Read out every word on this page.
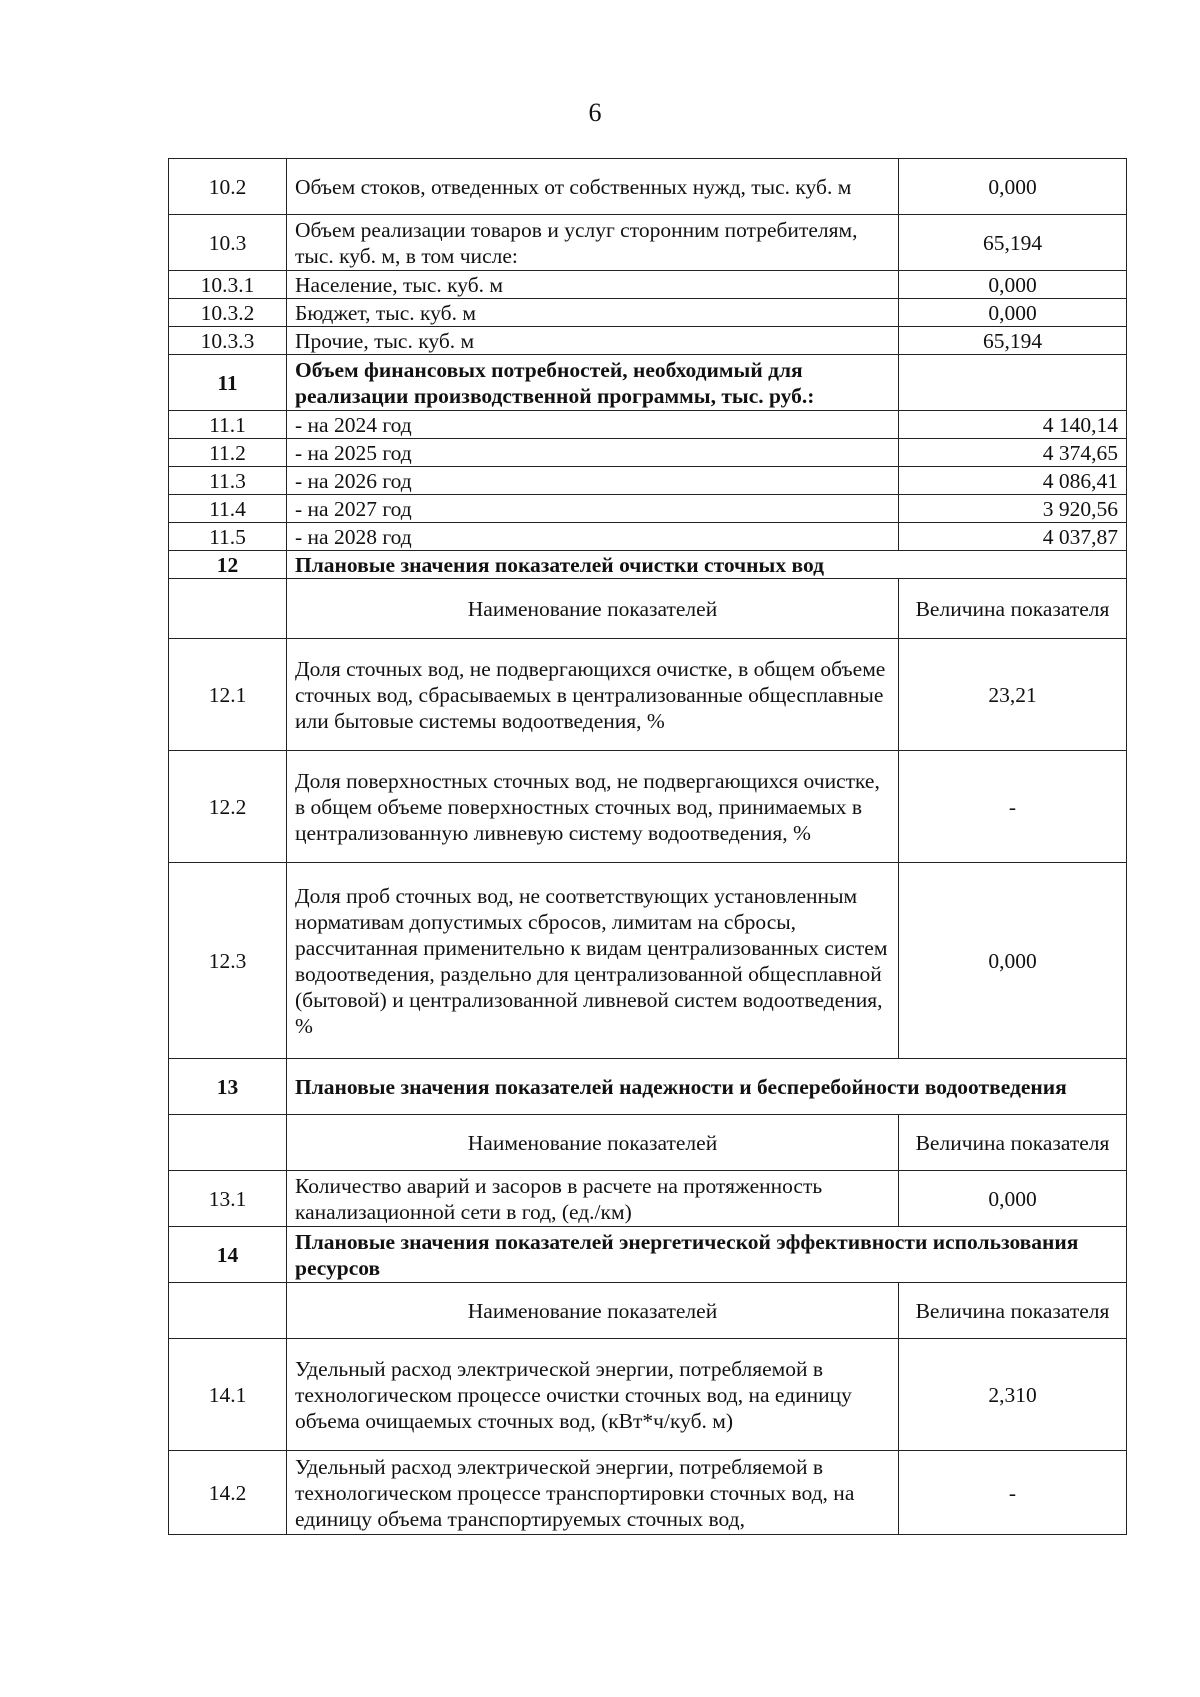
6
10.2	Объем стоков, отведенных от собственных нужд, тыс. куб. м	0,000
10.3	Объем реализации товаров и услуг сторонним потребителям, тыс. куб. м, в том числе:	65,194
10.3.1	Население, тыс. куб. м	0,000
10.3.2	Бюджет, тыс. куб. м	0,000
10.3.3	Прочие, тыс. куб. м	65,194
11	Объем финансовых потребностей, необходимый для реализации производственной программы, тыс. руб.:	
11.1	- на 2024 год	4 140,14
11.2	- на 2025 год	4 374,65
11.3	- на 2026 год	4 086,41
11.4	- на 2027 год	3 920,56
11.5	- на 2028 год	4 037,87
12	Плановые значения показателей очистки сточных вод	
	Наименование показателей	Величина показателя
12.1	Доля сточных вод, не подвергающихся очистке, в общем объеме сточных вод, сбрасываемых в централизованные общесплавные или бытовые системы водоотведения, %	23,21
12.2	Доля поверхностных сточных вод, не подвергающихся очистке, в общем объеме поверхностных сточных вод, принимаемых в централизованную ливневую систему водоотведения, %	-
12.3	Доля проб сточных вод, не соответствующих установленным нормативам допустимых сбросов, лимитам на сбросы, рассчитанная применительно к видам централизованных систем водоотведения, раздельно для централизованной общесплавной (бытовой) и централизованной ливневой систем водоотведения, %	0,000
13	Плановые значения показателей надежности и бесперебойности водоотведения	
	Наименование показателей	Величина показателя
13.1	Количество аварий и засоров в расчете на протяженность канализационной сети в год, (ед./км)	0,000
14	Плановые значения показателей энергетической эффективности использования ресурсов	
	Наименование показателей	Величина показателя
14.1	Удельный расход электрической энергии, потребляемой в технологическом процессе очистки сточных вод, на единицу объема очищаемых сточных вод, (кВт*ч/куб. м)	2,310
14.2	Удельный расход электрической энергии, потребляемой в технологическом процессе транспортировки сточных вод, на единицу объема транспортируемых сточных вод,	-
